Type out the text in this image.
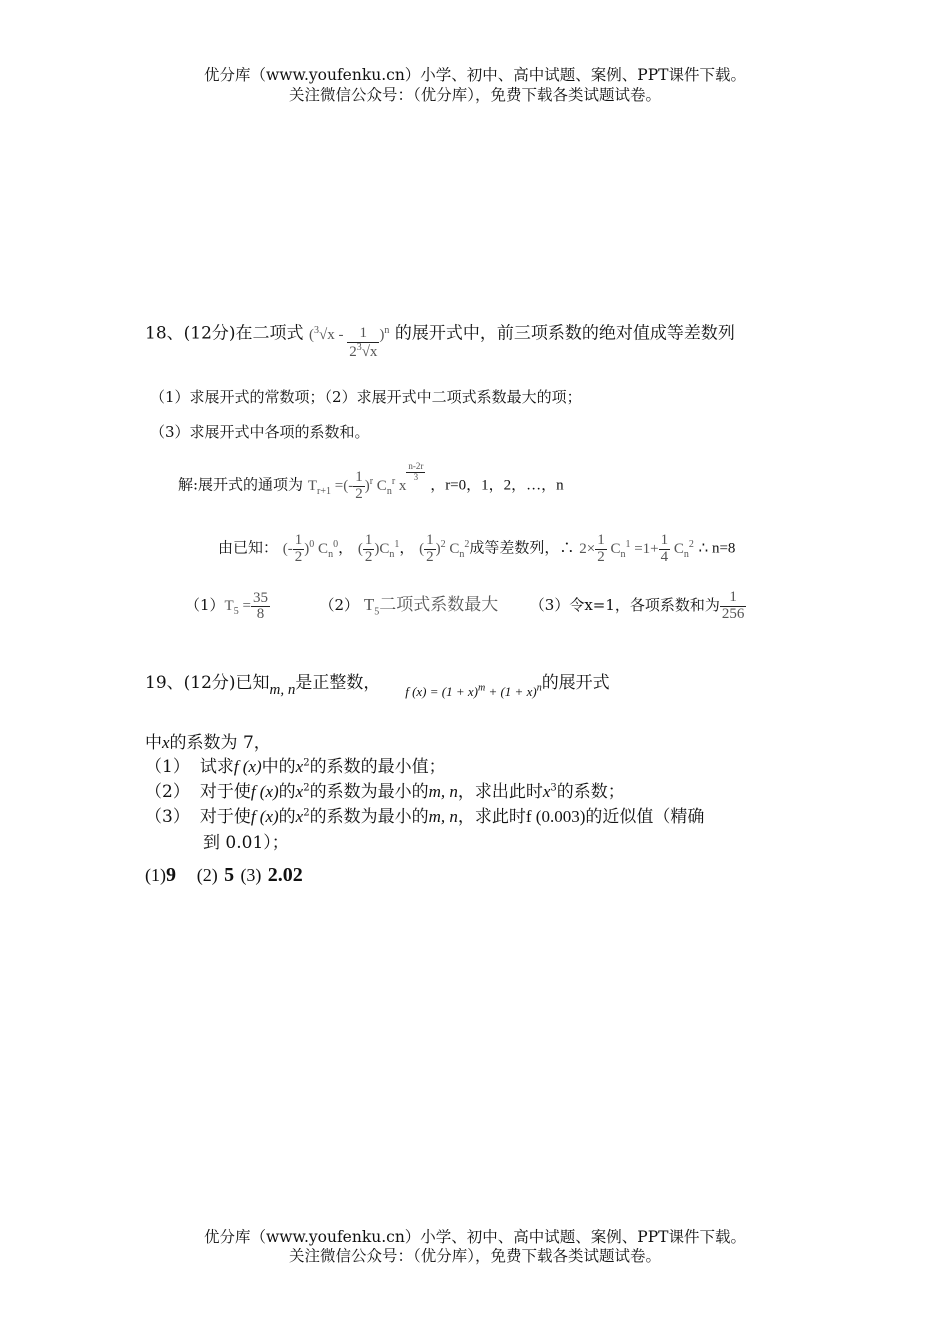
优分库（www.youfenku.cn）小学、初中、高中试题、案例、PPT课件下载。
关注微信公众号：（优分库），免费下载各类试题试卷。
18、(12分)在二项式 $(^3√x - \frac{1}{2^3√x} )^n$ 的展开式中，前三项系数的绝对值成等差数列
（1）求展开式的常数项；（2）求展开式中二项式系数最大的项；
（3）求展开式中各项的系数和。
解:展开式的通项为 $T_{r+1}$ =(- $\frac{1}{2} )^r$ $C_n^r$ x
$\frac{n-2r}{3}$
，r=0，1，2，…，n
由已知： (- $\frac{1}{2} )^0$ $C_n^0$， ( $\frac{1}{2} )C_n^1$， ( $\frac{1}{2} )^2$ $C_n^2$成等差数列，∴ $2\times \frac{1}{2} C_n^1 =1+ \frac{1}{4} C_n^2$ ∴ n=8
$(1)T_5 = \frac{35}{8}$	（2） $T_5$二项式系数最大 （3）令x=1，各项系数和为 $\frac{1}{256}$
19、(12分)已知m, n是正整数， $_{f (x) = (1 + x)^m + (1 + x)^n}$的展开式
中x的系数为 7，
（1） 试求f (x)中的$x^2$的系数的最小值；
（2） 对于使f (x)的$x^2$的系数为最小的m, n，求出此时$x^3$的系数；
（3） 对于使f (x)的$x^2$的系数为最小的m, n，求此时f (0.003)的近似值（精确
到 0.01）；
(1)9 (2) 5 (3) 2.02
优分库（www.youfenku.cn）小学、初中、高中试题、案例、PPT课件下载。
关注微信公众号：（优分库），免费下载各类试题试卷。
